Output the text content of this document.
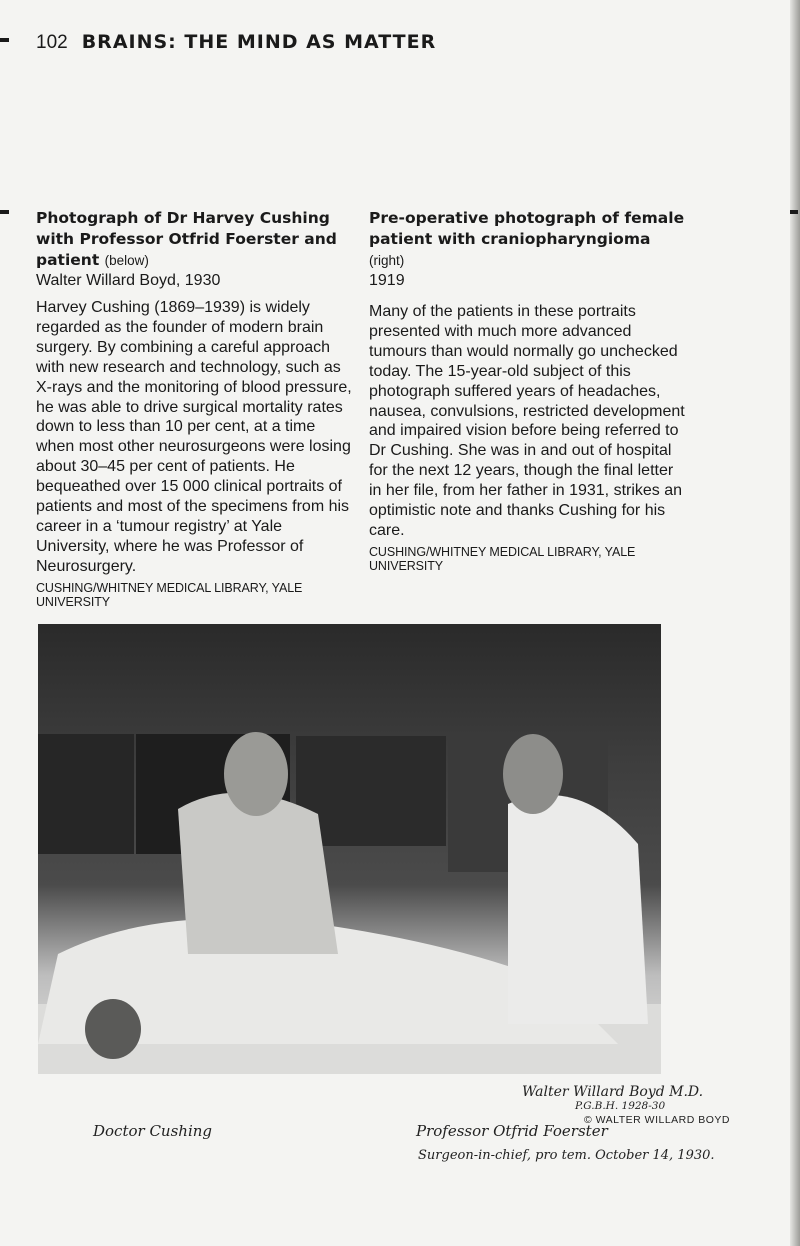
102 BRAINS: THE MIND AS MATTER
Photograph of Dr Harvey Cushing with Professor Otfrid Foerster and patient (below)
Walter Willard Boyd, 1930
Harvey Cushing (1869–1939) is widely regarded as the founder of modern brain surgery. By combining a careful approach with new research and technology, such as X-rays and the monitoring of blood pressure, he was able to drive surgical mortality rates down to less than 10 per cent, at a time when most other neurosurgeons were losing about 30–45 per cent of patients. He bequeathed over 15 000 clinical portraits of patients and most of the specimens from his career in a ‘tumour registry’ at Yale University, where he was Professor of Neurosurgery.
CUSHING/WHITNEY MEDICAL LIBRARY, YALE UNIVERSITY
Pre-operative photograph of female patient with craniopharyngioma (right)
1919
Many of the patients in these portraits presented with much more advanced tumours than would normally go unchecked today. The 15-year-old subject of this photograph suffered years of headaches, nausea, convulsions, restricted development and impaired vision before being referred to Dr Cushing. She was in and out of hospital for the next 12 years, though the final letter in her file, from her father in 1931, strikes an optimistic note and thanks Cushing for his care.
CUSHING/WHITNEY MEDICAL LIBRARY, YALE UNIVERSITY
Doctor Cushing
Walter Willard Boyd M.D.
P.G.B.H. 1928-30
© WALTER WILLARD BOYD
Professor Otfrid Foerster
Surgeon-in-chief, pro tem. October 14, 1930.
